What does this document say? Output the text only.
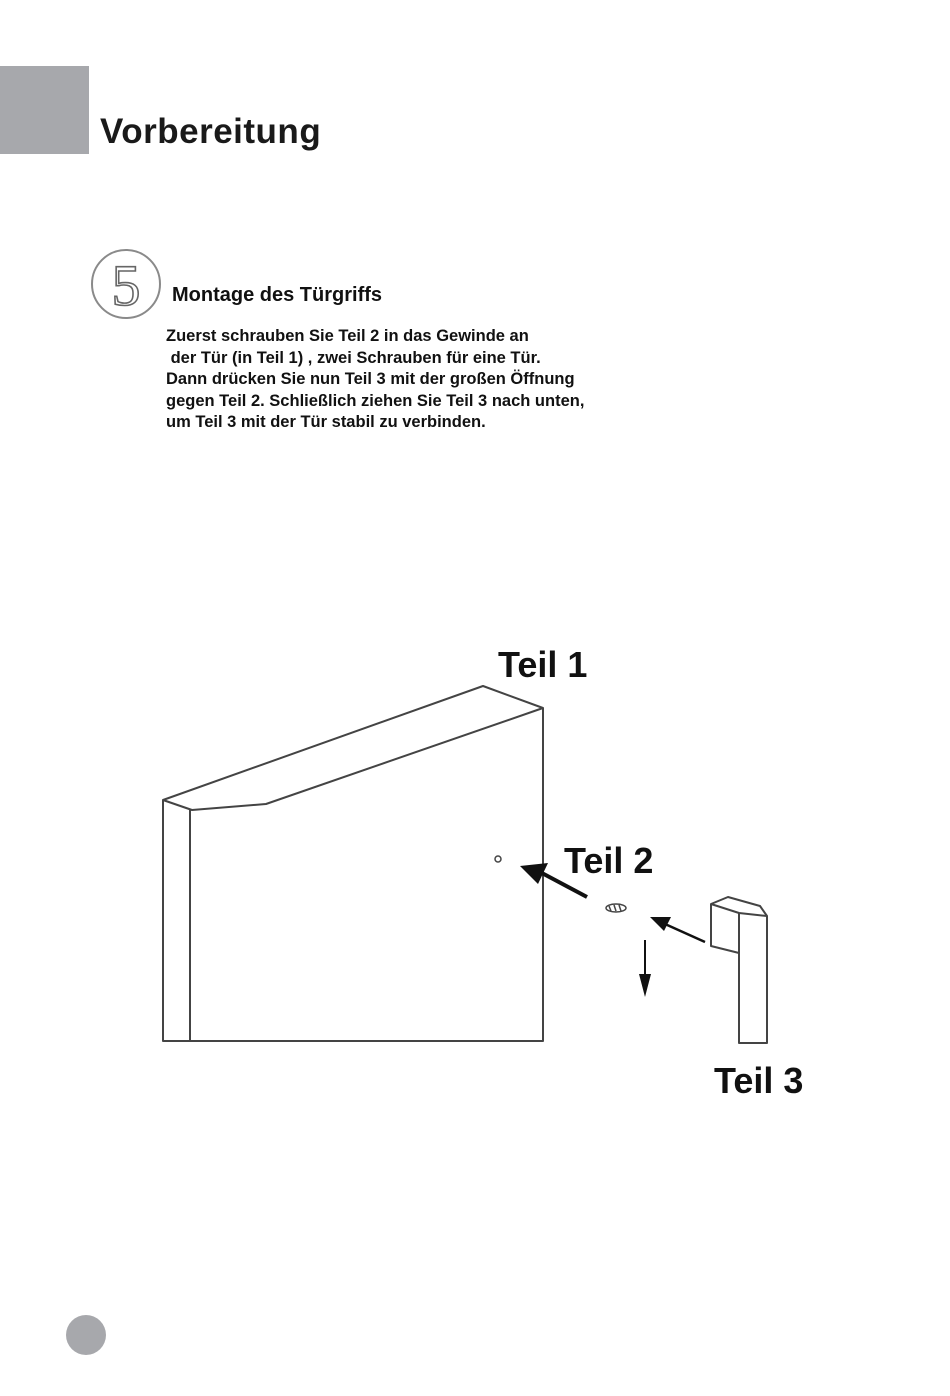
Vorbereitung
5	Montage des Türgriffs
Zuerst schrauben Sie Teil 2 in das Gewinde an
der Tür (in Teil 1) , zwei Schrauben für eine Tür.
Dann drücken Sie nun Teil 3 mit der großen Öffnung
gegen Teil 2. Schließlich ziehen Sie Teil 3 nach unten,
um Teil 3 mit der Tür stabil zu verbinden.

Teil 1

Teil 2

Teil 3
